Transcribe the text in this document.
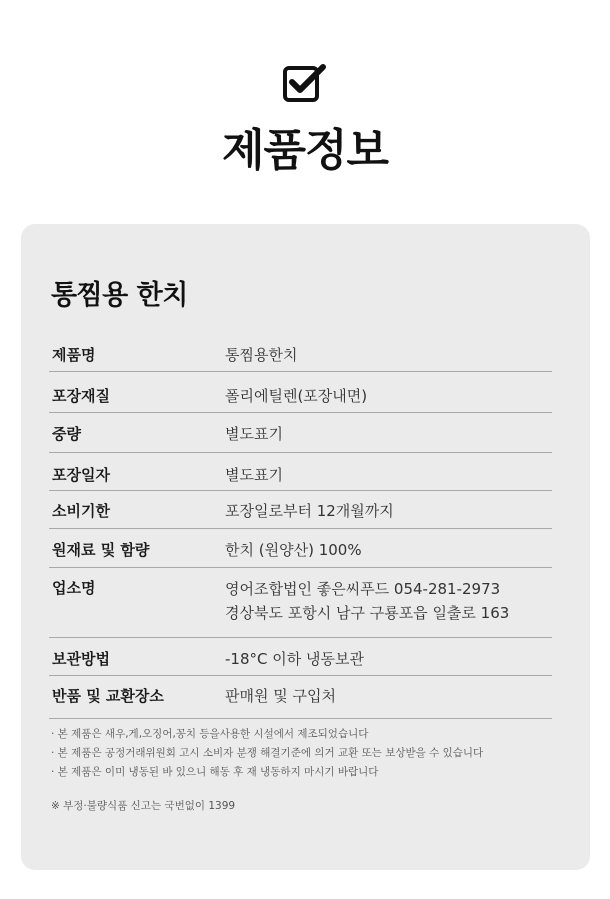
제품정보
통찜용 한치
제품명	통찜용한치
포장재질	폴리에틸렌(포장내면)
중량	별도표기
포장일자	별도표기
소비기한	포장일로부터 12개월까지
원재료 및 함량	한치 (원양산) 100%
업소명	영어조합법인 좋은씨푸드 054-281-2973
경상북도 포항시 남구 구룡포읍 일출로 163
보관방법	-18°C 이하 냉동보관
반품 및 교환장소	판매원 및 구입처
· 본 제품은 새우,게,오징어,꽁치 등을사용한 시설에서 제조되었습니다
· 본 제품은 공정거래위원회 고시 소비자 분쟁 해결기준에 의거 교환 또는 보상받을 수 있습니다
· 본 제품은 이미 냉동된 바 있으니 해동 후 재 냉동하지 마시기 바랍니다
※ 부정·불량식품 신고는 국번없이 1399
